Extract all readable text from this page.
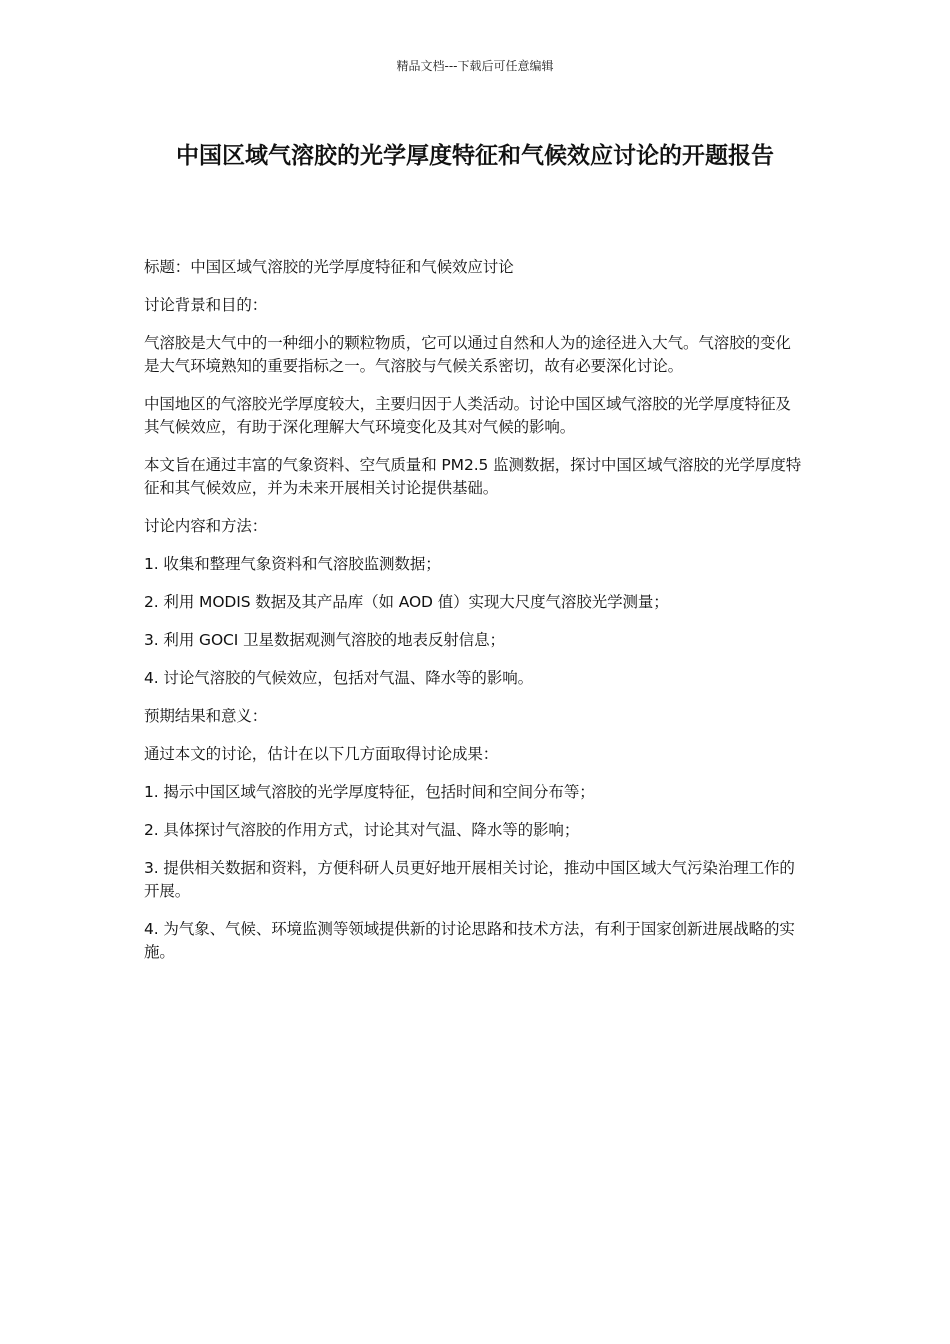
精品文档---下载后可任意编辑
中国区域气溶胶的光学厚度特征和气候效应讨论的开题报告

标题：中国区域气溶胶的光学厚度特征和气候效应讨论

讨论背景和目的：

气溶胶是大气中的一种细小的颗粒物质，它可以通过自然和人为的途径进入大气。气溶胶的变化是大气环境熟知的重要指标之一。气溶胶与气候关系密切，故有必要深化讨论。

中国地区的气溶胶光学厚度较大，主要归因于人类活动。讨论中国区域气溶胶的光学厚度特征及其气候效应，有助于深化理解大气环境变化及其对气候的影响。

本文旨在通过丰富的气象资料、空气质量和 PM2.5 监测数据，探讨中国区域气溶胶的光学厚度特征和其气候效应，并为未来开展相关讨论提供基础。

讨论内容和方法：

1. 收集和整理气象资料和气溶胶监测数据；

2. 利用 MODIS 数据及其产品库（如 AOD 值）实现大尺度气溶胶光学测量；

3. 利用 GOCI 卫星数据观测气溶胶的地表反射信息；

4. 讨论气溶胶的气候效应，包括对气温、降水等的影响。

预期结果和意义：

通过本文的讨论，估计在以下几方面取得讨论成果：

1. 揭示中国区域气溶胶的光学厚度特征，包括时间和空间分布等；

2. 具体探讨气溶胶的作用方式，讨论其对气温、降水等的影响；

3. 提供相关数据和资料，方便科研人员更好地开展相关讨论，推动中国区域大气污染治理工作的开展。

4. 为气象、气候、环境监测等领域提供新的讨论思路和技术方法，有利于国家创新进展战略的实施。
